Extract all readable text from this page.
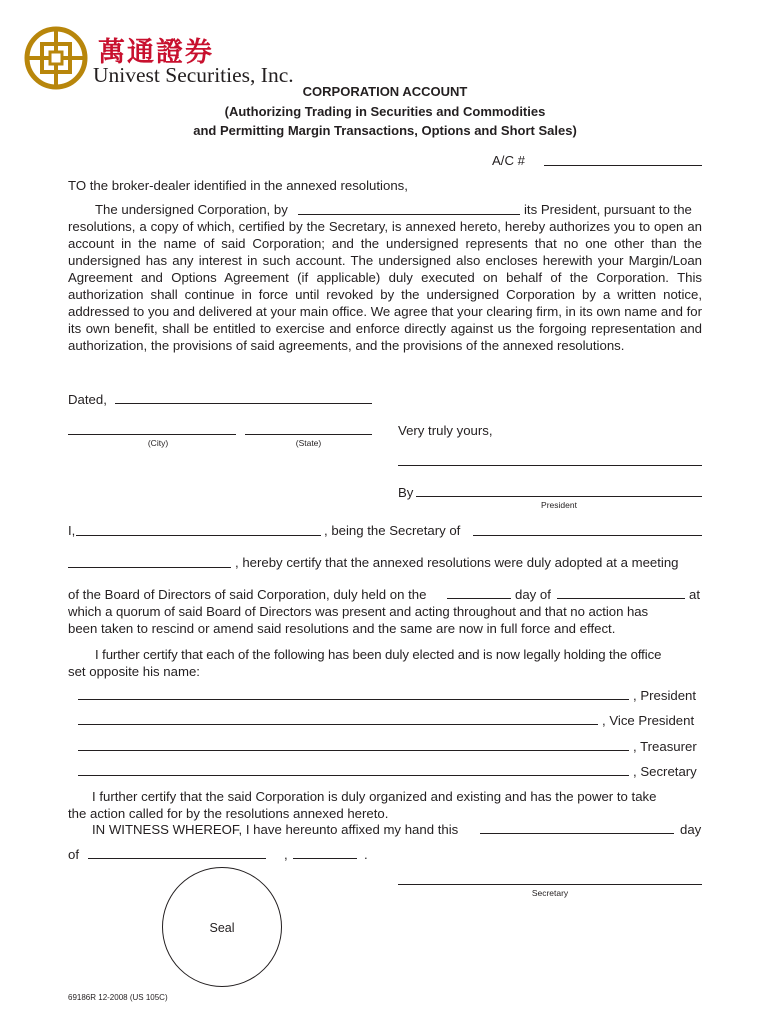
萬通證券
Univest Securities, Inc.
CORPORATION ACCOUNT
(Authorizing Trading in Securities and Commodities
and Permitting Margin Transactions, Options and Short Sales)
A/C #
TO the broker-dealer identified in the annexed resolutions,
The undersigned Corporation, by	its President, pursuant to the
resolutions, a copy of which, certified by the Secretary, is annexed hereto, hereby authorizes you to open an account in the name of said Corporation; and the undersigned represents that no one other than the undersigned has any interest in such account. The undersigned also encloses herewith your Margin/Loan Agreement and Options Agreement (if applicable) duly executed on behalf of the Corporation. This authorization shall continue in force until revoked by the undersigned Corporation by a written notice, addressed to you and delivered at your main office. We agree that your clearing firm, in its own name and for its own benefit, shall be entitled to exercise and enforce directly against us the forgoing representation and authorization, the provisions of said agreements, and the provisions of the annexed resolutions.
Dated,
(City)	(State)
Very truly yours,
By
President
I,	, being the Secretary of
, hereby certify that the annexed resolutions were duly adopted at a meeting
of the Board of Directors of said Corporation, duly held on the	day of	at
which a quorum of said Board of Directors was present and acting throughout and that no action has
been taken to rescind or amend said resolutions and the same are now in full force and effect.
I further certify that each of the following has been duly elected and is now legally holding the office
set opposite his name:
, President
, Vice President
, Treasurer
, Secretary
I further certify that the said Corporation is duly organized and existing and has the power to take
the action called for by the resolutions annexed hereto.
IN WITNESS WHEREOF, I have hereunto affixed my hand this	day
of	,	.
Secretary
Seal
69186R 12-2008 (US 105C)
